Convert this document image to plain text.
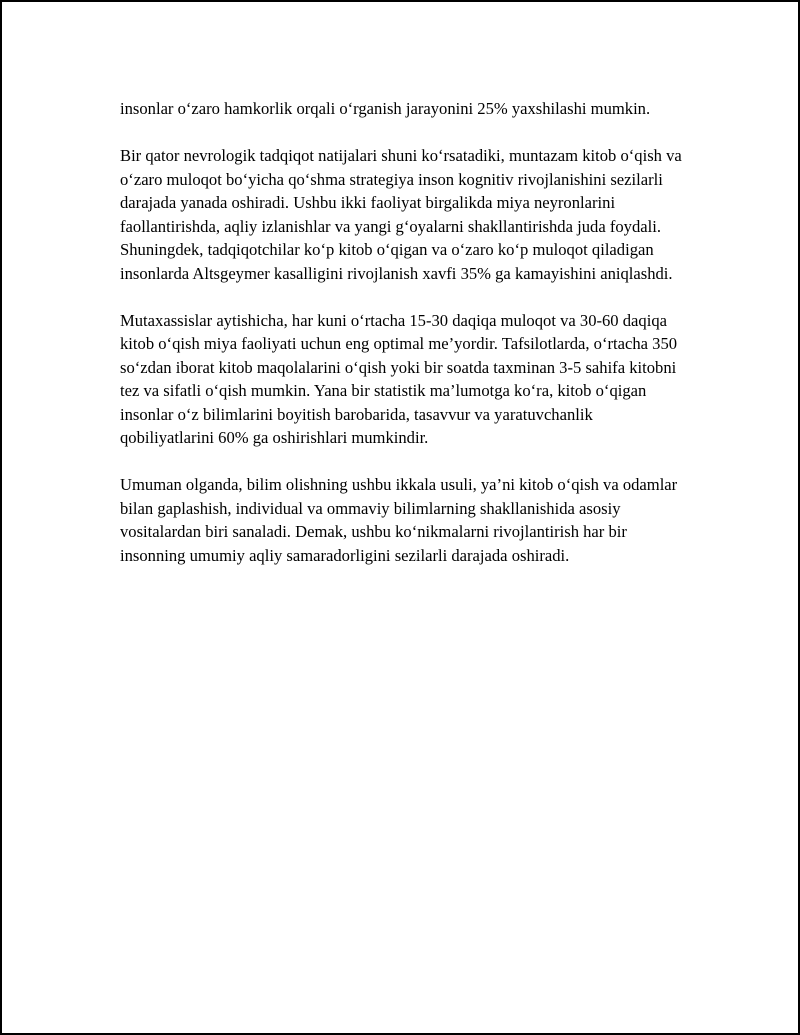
insonlar o‘zaro hamkorlik orqali o‘rganish jarayonini 25% yaxshilashi mumkin.

Bir qator nevrologik tadqiqot natijalari shuni ko‘rsatadiki, muntazam kitob o‘qish va o‘zaro muloqot bo‘yicha qo‘shma strategiya inson kognitiv rivojlanishini sezilarli darajada yanada oshiradi. Ushbu ikki faoliyat birgalikda miya neyronlarini faollantirishda, aqliy izlanishlar va yangi g‘oyalarni shakllantirishda juda foydali. Shuningdek, tadqiqotchilar ko‘p kitob o‘qigan va o‘zaro ko‘p muloqot qiladigan insonlarda Altsgeymer kasalligini rivojlanish xavfi 35% ga kamayishini aniqlashdi.

Mutaxassislar aytishicha, har kuni o‘rtacha 15-30 daqiqa muloqot va 30-60 daqiqa kitob o‘qish miya faoliyati uchun eng optimal me’yordir. Tafsilotlarda, o‘rtacha 350 so‘zdan iborat kitob maqolalarini o‘qish yoki bir soatda taxminan 3-5 sahifa kitobni tez va sifatli o‘qish mumkin. Yana bir statistik ma’lumotga ko‘ra, kitob o‘qigan insonlar o‘z bilimlarini boyitish barobarida, tasavvur va yaratuvchanlik qobiliyatlarini 60% ga oshirishlari mumkindir.

Umuman olganda, bilim olishning ushbu ikkala usuli, ya’ni kitob o‘qish va odamlar bilan gaplashish, individual va ommaviy bilimlarning shakllanishida asosiy vositalardan biri sanaladi. Demak, ushbu ko‘nikmalarni rivojlantirish har bir insonning umumiy aqliy samaradorligini sezilarli darajada oshiradi.
